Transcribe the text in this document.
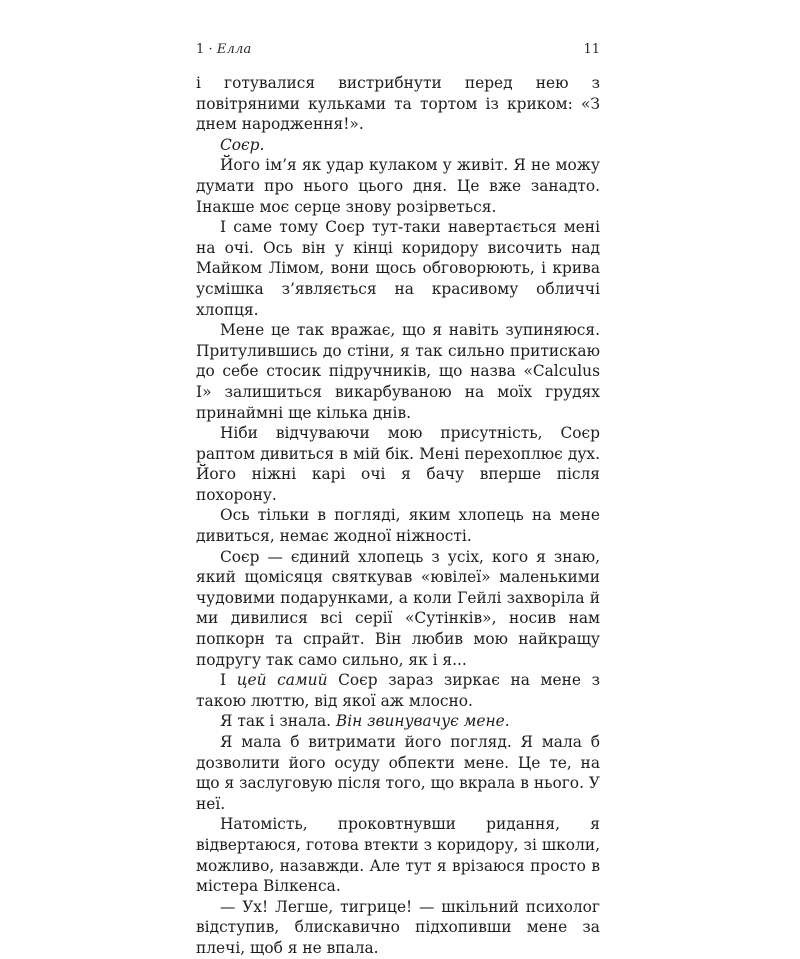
1 · Елла	11

і готувалися вистрибнути перед нею з повітряними кульками та тортом із криком: «З днем народження!».

Соєр.

Його ім’я як удар кулаком у живіт. Я не можу думати про нього цього дня. Це вже занадто. Інакше моє серце знову розірветься.

І саме тому Соєр тут-таки навертається мені на очі. Ось він у кінці коридору височить над Майком Лімом, вони щось обговорюють, і крива усмішка з’являється на красивому обличчі хлопця.

Мене це так вражає, що я навіть зупиняюся. Притулившись до стіни, я так сильно притискаю до себе стосик підручників, що назва «Calculus I» залишиться викарбуваною на моїх грудях принаймні ще кілька днів.

Ніби відчуваючи мою присутність, Соєр раптом дивиться в мій бік. Мені перехоплює дух. Його ніжні карі очі я бачу вперше після похорону.

Ось тільки в погляді, яким хлопець на мене дивиться, немає жодної ніжності.

Соєр — єдиний хлопець з усіх, кого я знаю, який щомісяця святкував «ювілеї» маленькими чудовими подарунками, а коли Гейлі захворіла й ми дивилися всі серії «Сутінків», носив нам попкорн та спрайт. Він любив мою найкращу подругу так само сильно, як і я...

І цей самий Соєр зараз зиркає на мене з такою люттю, від якої аж млосно.

Я так і знала. Він звинувачує мене.

Я мала б витримати його погляд. Я мала б дозволити його осуду обпекти мене. Це те, на що я заслуговую після того, що вкрала в нього. У неї.

Натомість, проковтнувши ридання, я відвертаюся, готова втекти з коридору, зі школи, можливо, назавжди. Але тут я врізаюся просто в містера Вілкенса.

— Ух! Легше, тигрице! — шкільний психолог відступив, блискавично підхопивши мене за плечі, щоб я не впала.
